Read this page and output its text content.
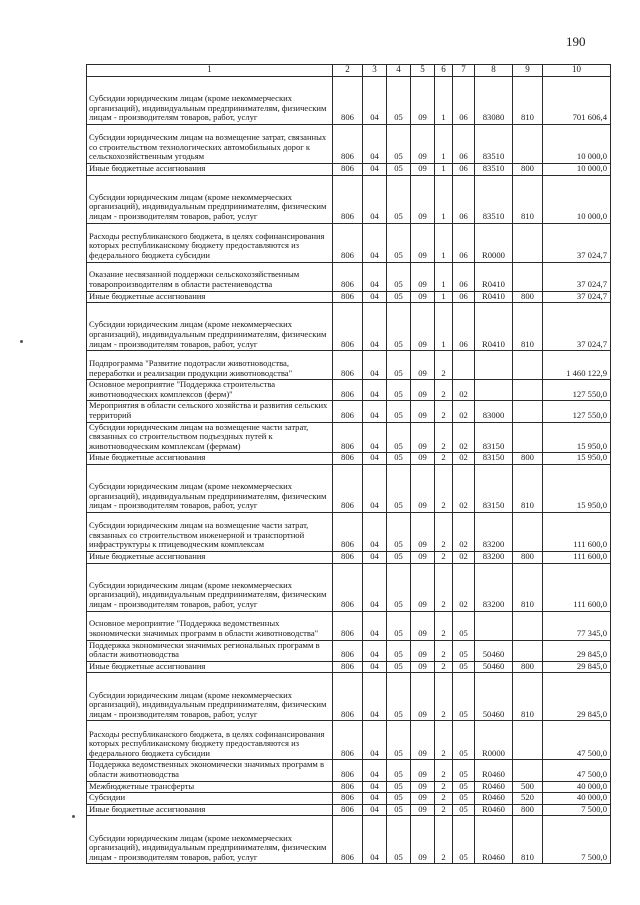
190
1	2	3	4	5	6	7	8	9	10
Субсидии юридическим лицам (кроме некоммерческих организаций), индивидуальным предпринимателям, физическим лицам - производителям товаров, работ, услуг	806	04	05	09	1	06	83080	810	701 606,4
Субсидии юридическим лицам на возмещение затрат, связанных со строительством технологических автомобильных дорог к сельскохозяйственным угодьям	806	04	05	09	1	06	83510		10 000,0
Иные бюджетные ассигнования	806	04	05	09	1	06	83510	800	10 000,0
Субсидии юридическим лицам (кроме некоммерческих организаций), индивидуальным предпринимателям, физическим лицам - производителям товаров, работ, услуг	806	04	05	09	1	06	83510	810	10 000,0
Расходы республиканского бюджета, в целях софинансирования которых республиканскому бюджету предоставляются из федерального бюджета субсидии	806	04	05	09	1	06	R0000		37 024,7
Оказание несвязанной поддержки сельскохозяйственным товаропроизводителям в области растениеводства	806	04	05	09	1	06	R0410		37 024,7
Иные бюджетные ассигнования	806	04	05	09	1	06	R0410	800	37 024,7
Субсидии юридическим лицам (кроме некоммерческих организаций), индивидуальным предпринимателям, физическим лицам - производителям товаров, работ, услуг	806	04	05	09	1	06	R0410	810	37 024,7
Подпрограмма "Развитие подотрасли животноводства, переработки и реализации продукции животноводства"	806	04	05	09	2				1 460 122,9
Основное мероприятие "Поддержка строительства животноводческих комплексов (ферм)"	806	04	05	09	2	02			127 550,0
Мероприятия в области сельского хозяйства и развития сельских территорий	806	04	05	09	2	02	83000		127 550,0
Субсидии юридическим лицам на возмещение части затрат, связанных со строительством подъездных путей к животноводческим комплексам (фермам)	806	04	05	09	2	02	83150		15 950,0
Иные бюджетные ассигнования	806	04	05	09	2	02	83150	800	15 950,0
Субсидии юридическим лицам (кроме некоммерческих организаций), индивидуальным предпринимателям, физическим лицам - производителям товаров, работ, услуг	806	04	05	09	2	02	83150	810	15 950,0
Субсидии юридическим лицам на возмещение части затрат, связанных со строительством инженерной и транспортной инфраструктуры к птицеводческим комплексам	806	04	05	09	2	02	83200		111 600,0
Иные бюджетные ассигнования	806	04	05	09	2	02	83200	800	111 600,0
Субсидии юридическим лицам (кроме некоммерческих организаций), индивидуальным предпринимателям, физическим лицам - производителям товаров, работ, услуг	806	04	05	09	2	02	83200	810	111 600,0
Основное мероприятие "Поддержка ведомственных экономически значимых программ в области животноводства"	806	04	05	09	2	05			77 345,0
Поддержка экономически значимых региональных программ в области животноводства	806	04	05	09	2	05	50460		29 845,0
Иные бюджетные ассигнования	806	04	05	09	2	05	50460	800	29 845,0
Субсидии юридическим лицам (кроме некоммерческих организаций), индивидуальным предпринимателям, физическим лицам - производителям товаров, работ, услуг	806	04	05	09	2	05	50460	810	29 845,0
Расходы республиканского бюджета, в целях софинансирования которых республиканскому бюджету предоставляются из федерального бюджета субсидии	806	04	05	09	2	05	R0000		47 500,0
Поддержка ведомственных экономически значимых программ в области животноводства	806	04	05	09	2	05	R0460		47 500,0
Межбюджетные трансферты	806	04	05	09	2	05	R0460	500	40 000,0
Субсидии	806	04	05	09	2	05	R0460	520	40 000,0
Иные бюджетные ассигнования	806	04	05	09	2	05	R0460	800	7 500,0
Субсидии юридическим лицам (кроме некоммерческих организаций), индивидуальным предпринимателям, физическим лицам - производителям товаров, работ, услуг	806	04	05	09	2	05	R0460	810	7 500,0
